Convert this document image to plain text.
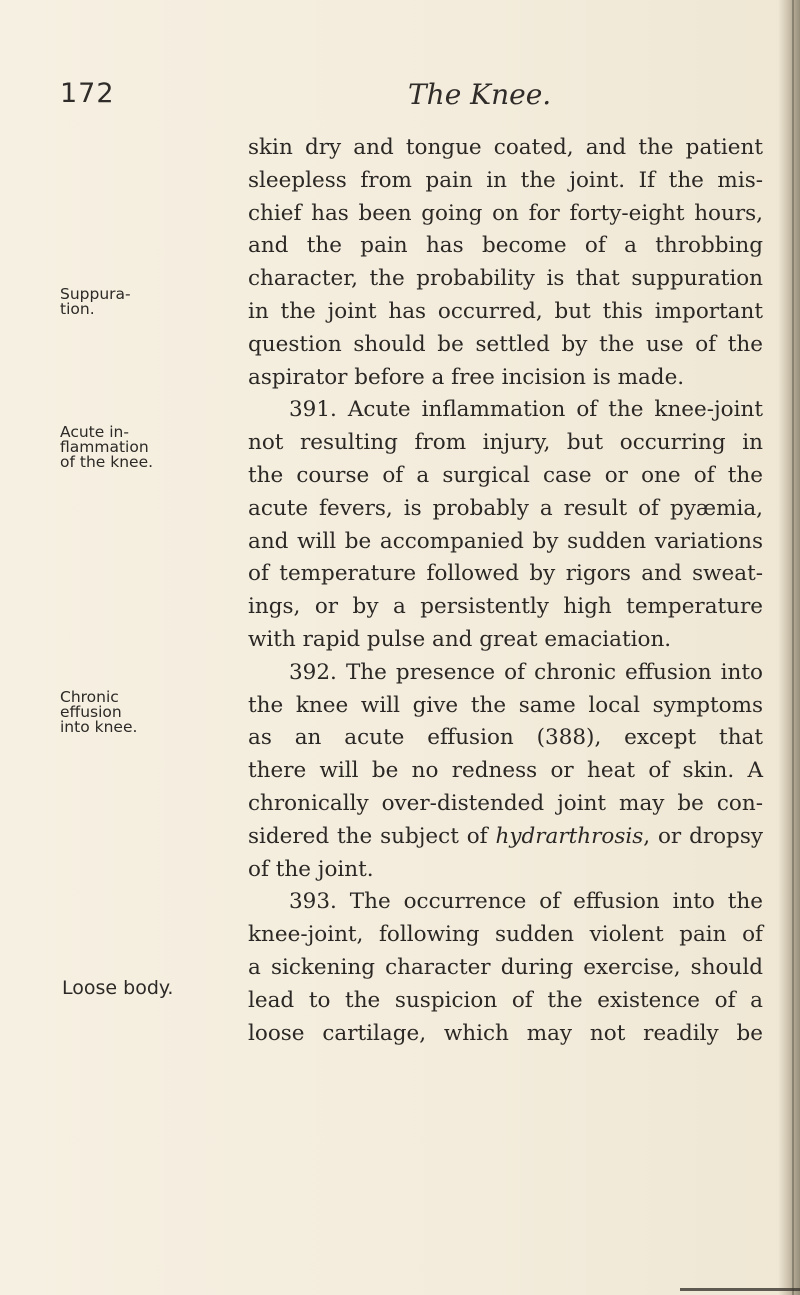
172	The Knee.
Suppura-
tion.
Acute in-
flammation
of the knee.
Chronic
effusion
into knee.
Loose body.
skin dry and tongue coated, and the patient
sleepless from pain in the joint. If the mis-
chief has been going on for forty-eight hours,
and the pain has become of a throbbing
character, the probability is that suppuration
in the joint has occurred, but this important
question should be settled by the use of the
aspirator before a free incision is made.
391. Acute inflammation of the knee-joint
not resulting from injury, but occurring in
the course of a surgical case or one of the
acute fevers, is probably a result of pyæmia,
and will be accompanied by sudden variations
of temperature followed by rigors and sweat-
ings, or by a persistently high temperature
with rapid pulse and great emaciation.
392. The presence of chronic effusion into
the knee will give the same local symptoms
as an acute effusion (388), except that
there will be no redness or heat of skin. A
chronically over-distended joint may be con-
sidered the subject of hydrarthrosis, or dropsy
of the joint.
393. The occurrence of effusion into the
knee-joint, following sudden violent pain of
a sickening character during exercise, should
lead to the suspicion of the existence of a
loose cartilage, which may not readily be
